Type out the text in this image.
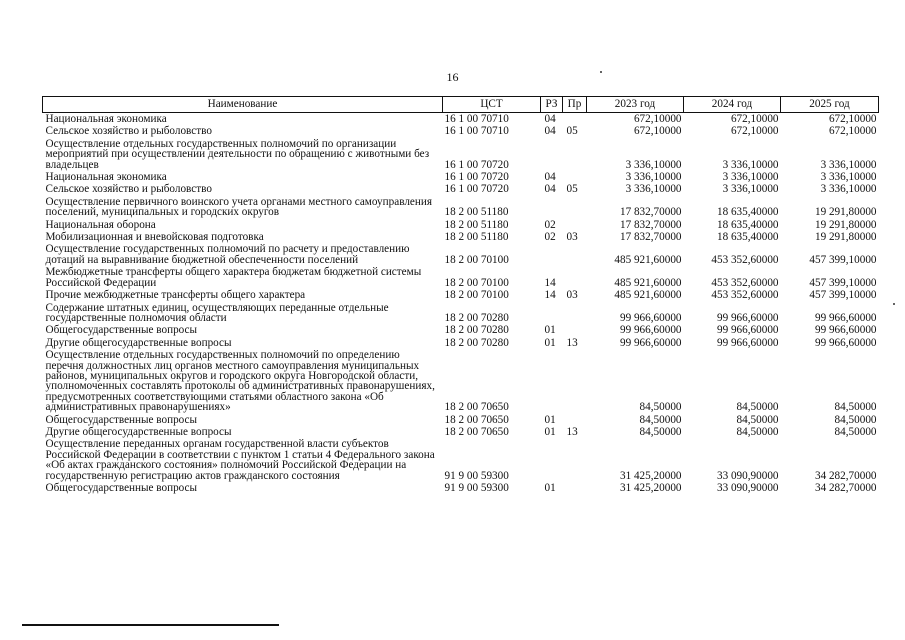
16
Наименование	ЦСТ	РЗ	Пр	2023 год	2024 год	2025 год
Национальная экономика	16 1 00 70710	04		672,10000	672,10000	672,10000
Сельское хозяйство и рыболовство	16 1 00 70710	04	05	672,10000	672,10000	672,10000
Осуществление отдельных государственных полномочий по организации мероприятий при осуществлении деятельности по обращению с животными без владельцев	16 1 00 70720			3 336,10000	3 336,10000	3 336,10000
Национальная экономика	16 1 00 70720	04		3 336,10000	3 336,10000	3 336,10000
Сельское хозяйство и рыболовство	16 1 00 70720	04	05	3 336,10000	3 336,10000	3 336,10000
Осуществление первичного воинского учета органами местного самоуправления поселений, муниципальных и городских округов	18 2 00 51180			17 832,70000	18 635,40000	19 291,80000
Национальная оборона	18 2 00 51180	02		17 832,70000	18 635,40000	19 291,80000
Мобилизационная и вневойсковая подготовка	18 2 00 51180	02	03	17 832,70000	18 635,40000	19 291,80000
Осуществление государственных полномочий по расчету и предоставлению дотаций на выравнивание бюджетной обеспеченности поселений	18 2 00 70100			485 921,60000	453 352,60000	457 399,10000
Межбюджетные трансферты общего характера бюджетам бюджетной системы Российской Федерации	18 2 00 70100	14		485 921,60000	453 352,60000	457 399,10000
Прочие межбюджетные трансферты общего характера	18 2 00 70100	14	03	485 921,60000	453 352,60000	457 399,10000
Содержание штатных единиц, осуществляющих переданные отдельные государственные полномочия области	18 2 00 70280			99 966,60000	99 966,60000	99 966,60000
Общегосударственные вопросы	18 2 00 70280	01		99 966,60000	99 966,60000	99 966,60000
Другие общегосударственные вопросы	18 2 00 70280	01	13	99 966,60000	99 966,60000	99 966,60000
Осуществление отдельных государственных полномочий по определению перечня должностных лиц органов местного самоуправления муниципальных районов, муниципальных округов и городского округа Новгородской области, уполномоченных составлять протоколы об административных правонарушениях, предусмотренных соответствующими статьями областного закона «Об административных правонарушениях»	18 2 00 70650			84,50000	84,50000	84,50000
Общегосударственные вопросы	18 2 00 70650	01		84,50000	84,50000	84,50000
Другие общегосударственные вопросы	18 2 00 70650	01	13	84,50000	84,50000	84,50000
Осуществление переданных органам государственной власти субъектов Российской Федерации в соответствии с пунктом 1 статьи 4 Федерального закона «Об актах гражданского состояния» полномочий Российской Федерации на государственную регистрацию актов гражданского состояния	91 9 00 59300			31 425,20000	33 090,90000	34 282,70000
Общегосударственные вопросы	91 9 00 59300	01		31 425,20000	33 090,90000	34 282,70000
